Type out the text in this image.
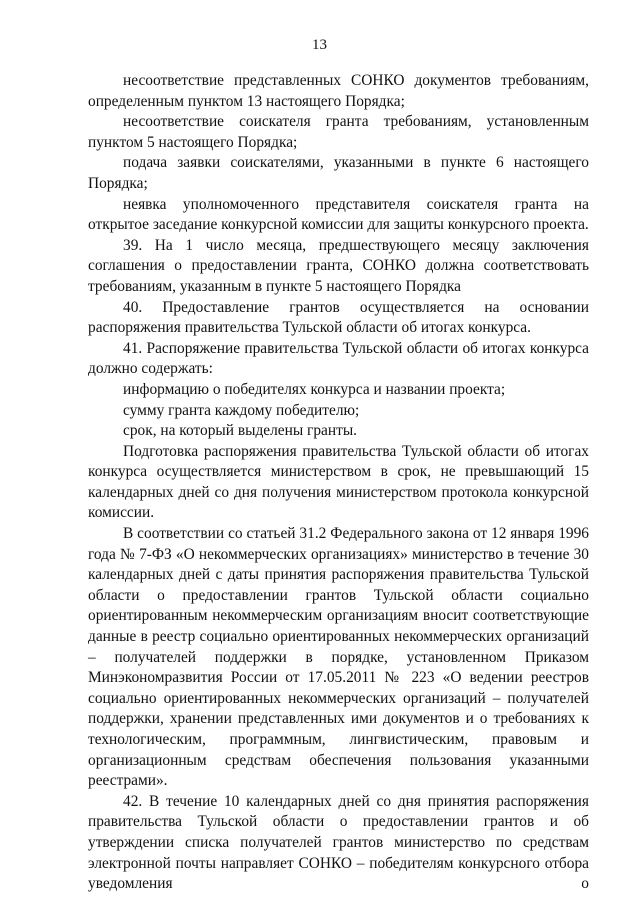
13

несоответствие представленных СОНКО документов требованиям, определенным пунктом 13 настоящего Порядка;

несоответствие соискателя гранта требованиям, установленным пунктом 5 настоящего Порядка;

подача заявки соискателями, указанными в пункте 6 настоящего Порядка;

неявка уполномоченного представителя соискателя гранта на открытое заседание конкурсной комиссии для защиты конкурсного проекта.

39. На 1 число месяца, предшествующего месяцу заключения соглашения о предоставлении гранта, СОНКО должна соответствовать требованиям, указанным в пункте 5 настоящего Порядка

40. Предоставление грантов осуществляется на основании распоряжения правительства Тульской области об итогах конкурса.

41. Распоряжение правительства Тульской области об итогах конкурса должно содержать:

информацию о победителях конкурса и названии проекта;

сумму гранта каждому победителю;

срок, на который выделены гранты.

Подготовка распоряжения правительства Тульской области об итогах конкурса осуществляется министерством в срок, не превышающий 15 календарных дней со дня получения министерством протокола конкурсной комиссии.

В соответствии со статьей 31.2 Федерального закона от 12 января 1996 года № 7-ФЗ «О некоммерческих организациях» министерство в течение 30 календарных дней с даты принятия распоряжения правительства Тульской области о предоставлении грантов Тульской области социально ориентированным некоммерческим организациям вносит соответствующие данные в реестр социально ориентированных некоммерческих организаций – получателей поддержки в порядке, установленном Приказом Минэкономразвития России от 17.05.2011 № 223 «О ведении реестров социально ориентированных некоммерческих организаций – получателей поддержки, хранении представленных ими документов и о требованиях к технологическим, программным, лингвистическим, правовым и организационным средствам обеспечения пользования указанными реестрами».

42. В течение 10 календарных дней со дня принятия распоряжения правительства Тульской области о предоставлении грантов и об утверждении списка получателей грантов министерство по средствам электронной почты направляет СОНКО – победителям конкурсного отбора уведомления о
